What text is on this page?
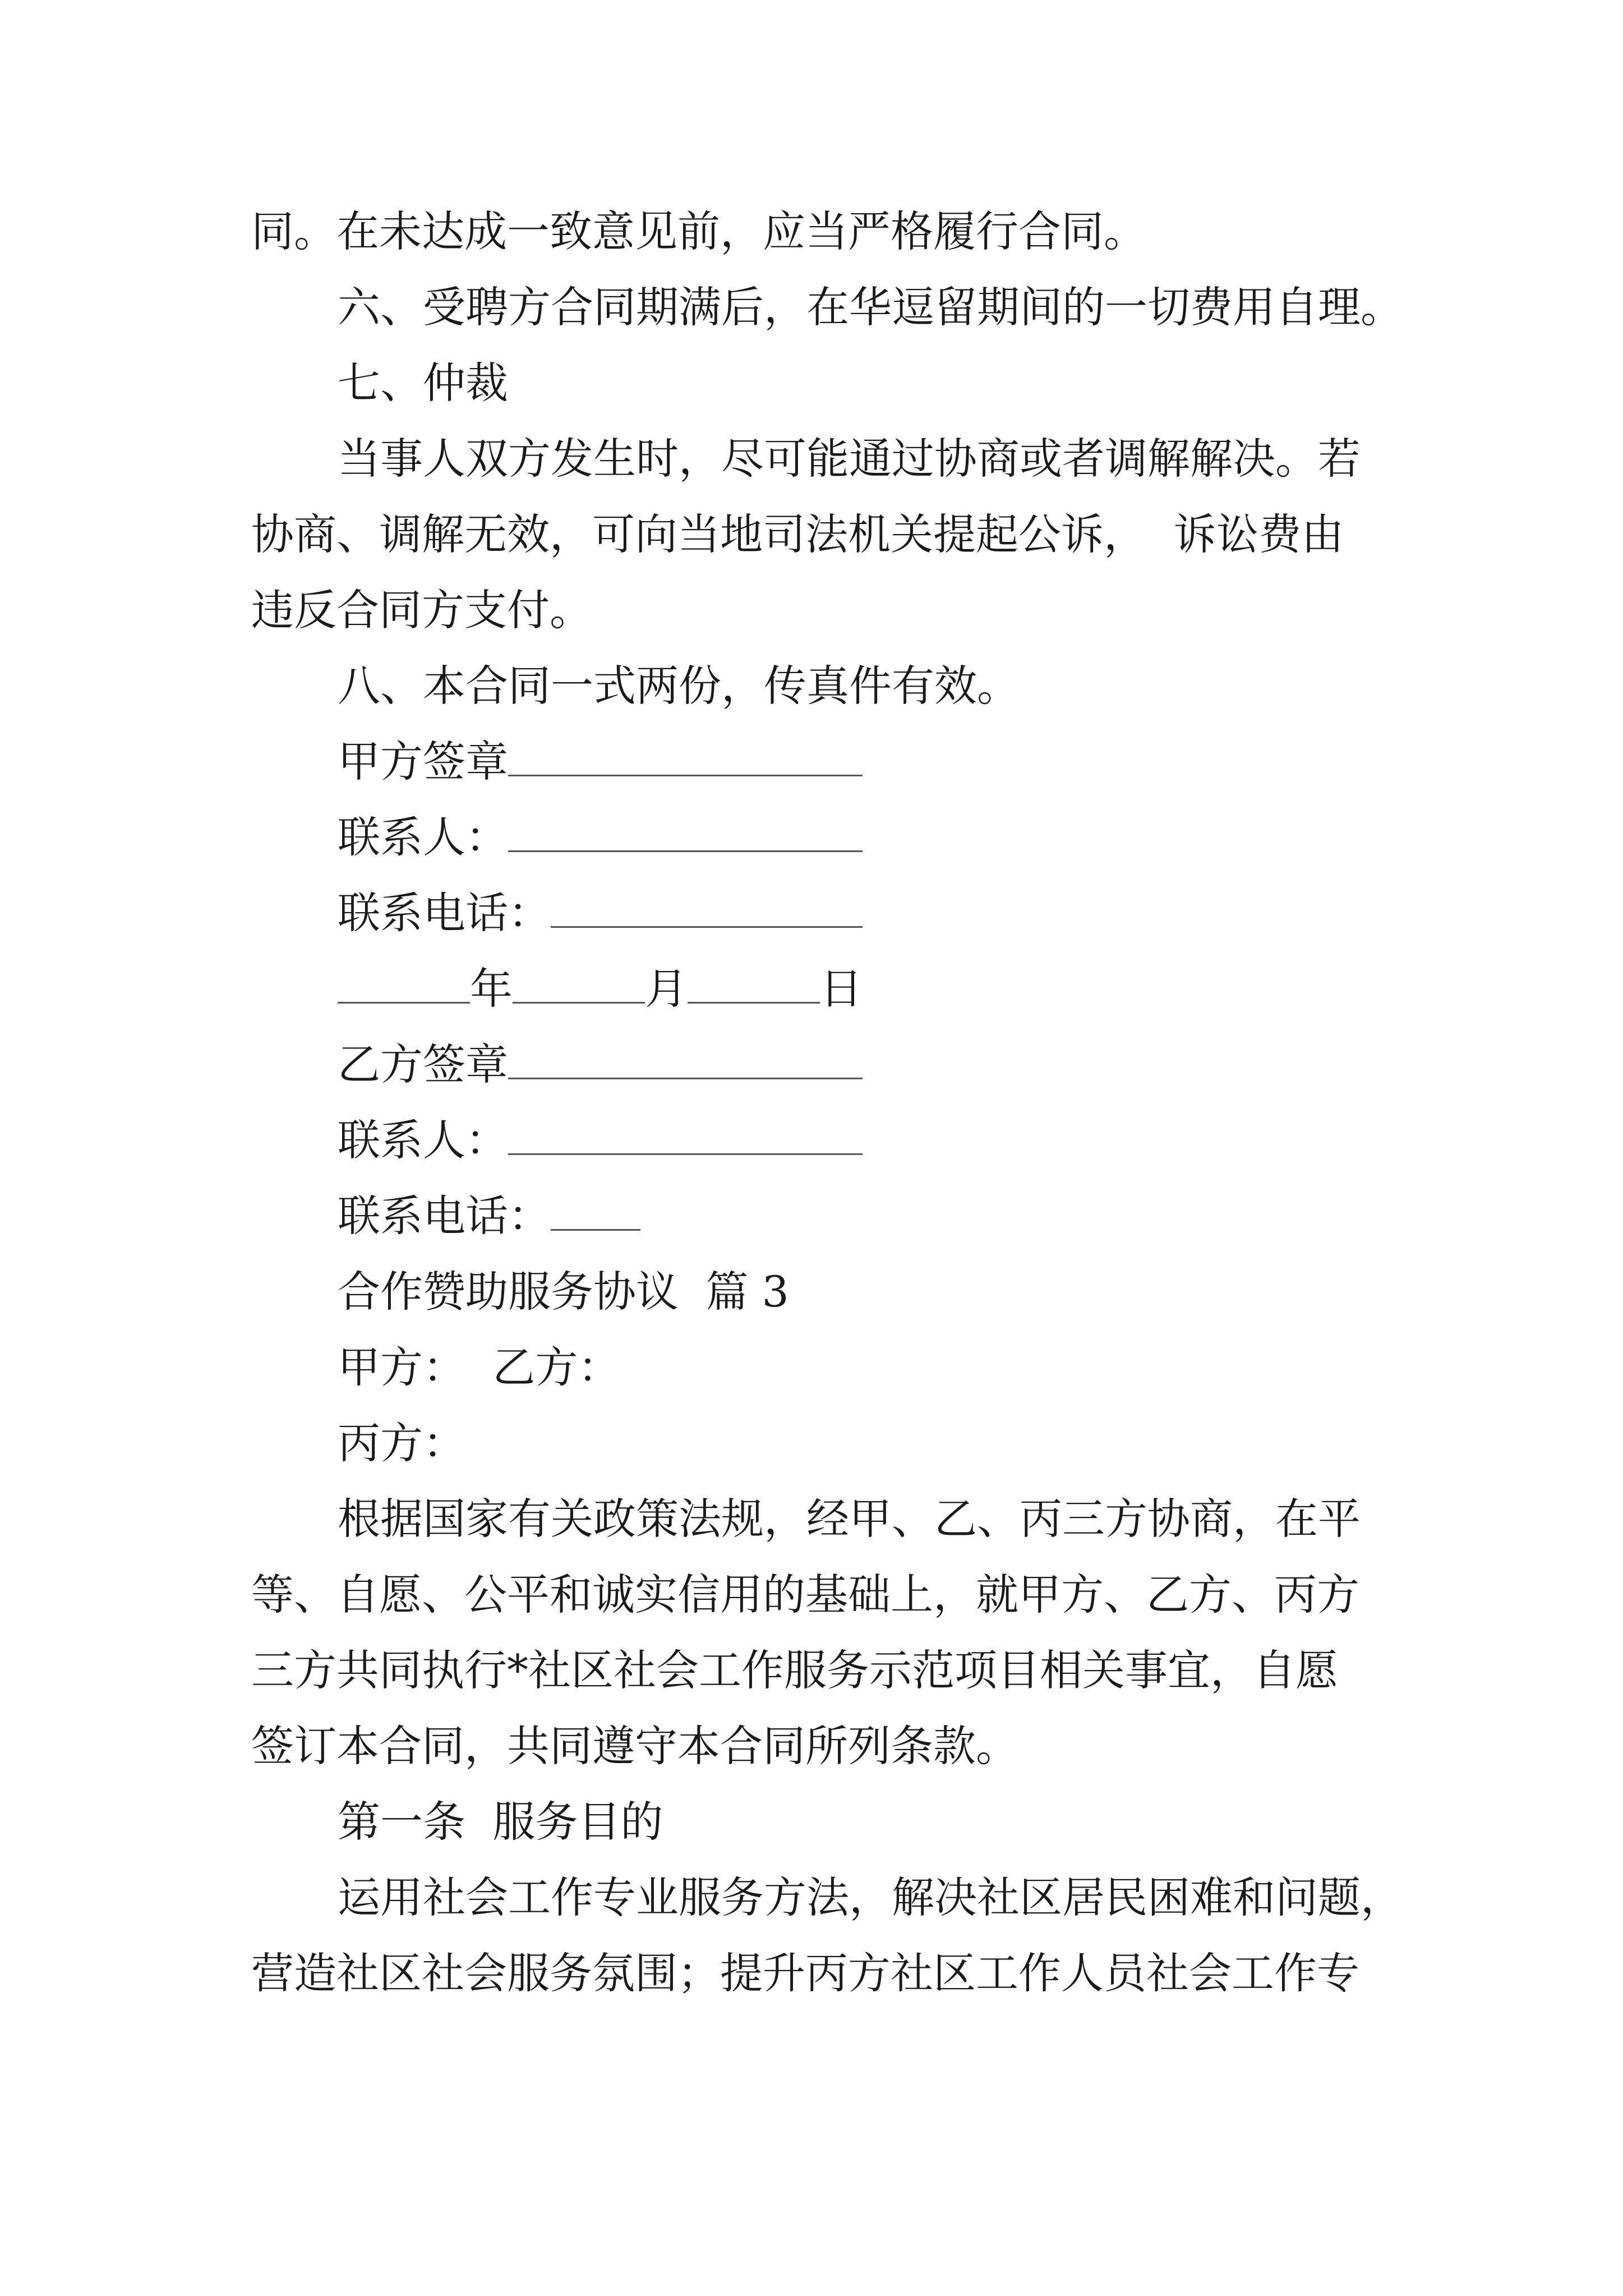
同。在未达成一致意见前，应当严格履行合同。
六、受聘方合同期满后，在华逗留期间的一切费用自理。
七、仲裁
当事人双方发生时，尽可能通过协商或者调解解决。若
协商、调解无效，可向当地司法机关提起公诉，  诉讼费由
违反合同方支付。
八、本合同一式两份，传真件有效。
甲方签章
联系人：
联系电话：
年	月	日
乙方签章
联系人：
联系电话：
合作赞助服务协议  篇 3
甲方：  乙方：
丙方：
根据国家有关政策法规，经甲、乙、丙三方协商，在平
等、自愿、公平和诚实信用的基础上，就甲方、乙方、丙方
三方共同执行*社区社会工作服务示范项目相关事宜，自愿
签订本合同，共同遵守本合同所列条款。
第一条  服务目的
运用社会工作专业服务方法，解决社区居民困难和问题，
营造社区社会服务氛围；提升丙方社区工作人员社会工作专
